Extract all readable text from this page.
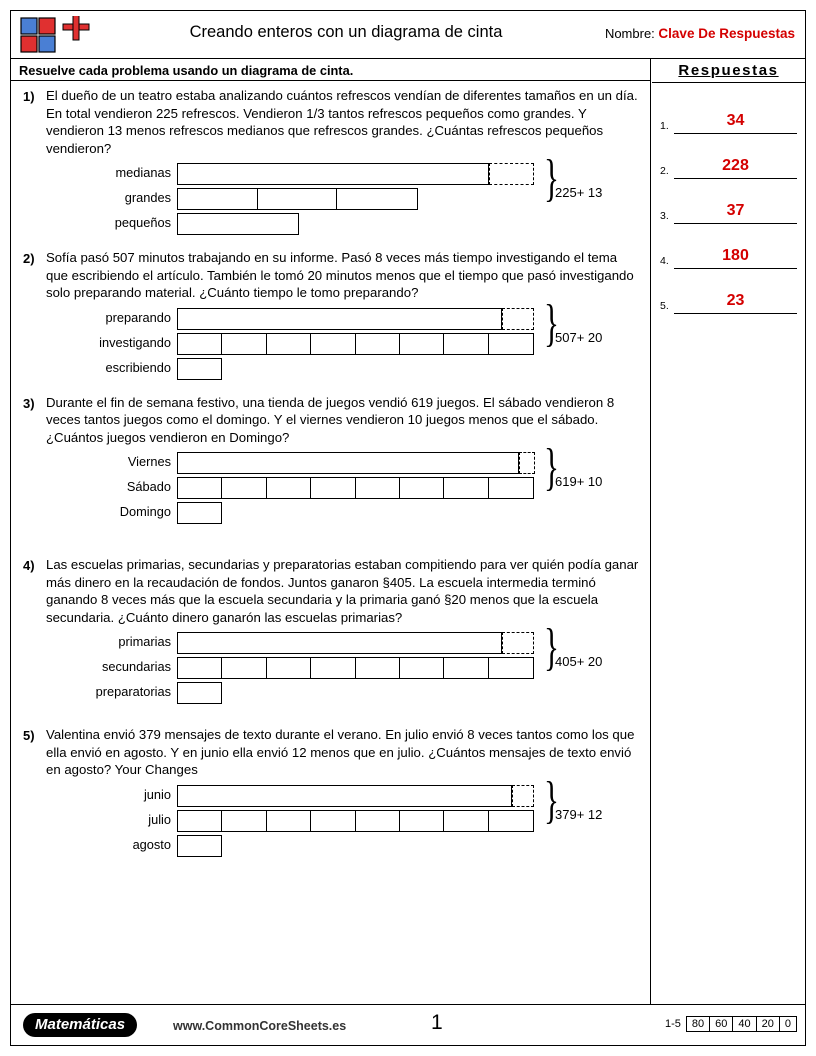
Creando enteros con un diagrama de cinta	Nombre: Clave De Respuestas
Resuelve cada problema usando un diagrama de cinta.
1) El dueño de un teatro estaba analizando cuántos refrescos vendían de diferentes tamaños en un día. En total vendieron 225 refrescos. Vendieron 1/3 tantos refrescos pequeños como grandes. Y vendieron 13 menos refrescos medianos que refrescos grandes. ¿Cuántas refrescos pequeños vendieron?
medianas
grandes
pequeños
}
225+ 13
2) Sofía pasó 507 minutos trabajando en su informe. Pasó 8 veces más tiempo investigando el tema que escribiendo el artículo. También le tomó 20 minutos menos que el tiempo que pasó investigando solo preparando material. ¿Cuánto tiempo le tomo preparando?
preparando
investigando
escribiendo
}
507+ 20
3) Durante el fin de semana festivo, una tienda de juegos vendió 619 juegos. El sábado vendieron 8 veces tantos juegos como el domingo. Y el viernes vendieron 10 juegos menos que el sábado. ¿Cuántos juegos vendieron en Domingo?
Viernes
Sábado
Domingo
}
619+ 10
4) Las escuelas primarias, secundarias y preparatorias estaban compitiendo para ver quién podía ganar más dinero en la recaudación de fondos. Juntos ganaron §405. La escuela intermedia terminó ganando 8 veces más que la escuela secundaria y la primaria ganó §20 menos que la escuela secundaria. ¿Cuánto dinero ganarón las escuelas primarias?
primarias
secundarias
preparatorias
}
405+ 20
5) Valentina envió 379 mensajes de texto durante el verano. En julio envió 8 veces tantos como los que ella envió en agosto. Y en junio ella envió 12 menos que en julio. ¿Cuántos mensajes de texto envió en agosto? Your Changes
junio
julio
agosto
}
379+ 12
Respuestas
1.	34
2.	228
3.	37
4.	180
5.	23
Matemáticas	www.CommonCoreSheets.es	1	1-5	80	60	40	20	0
